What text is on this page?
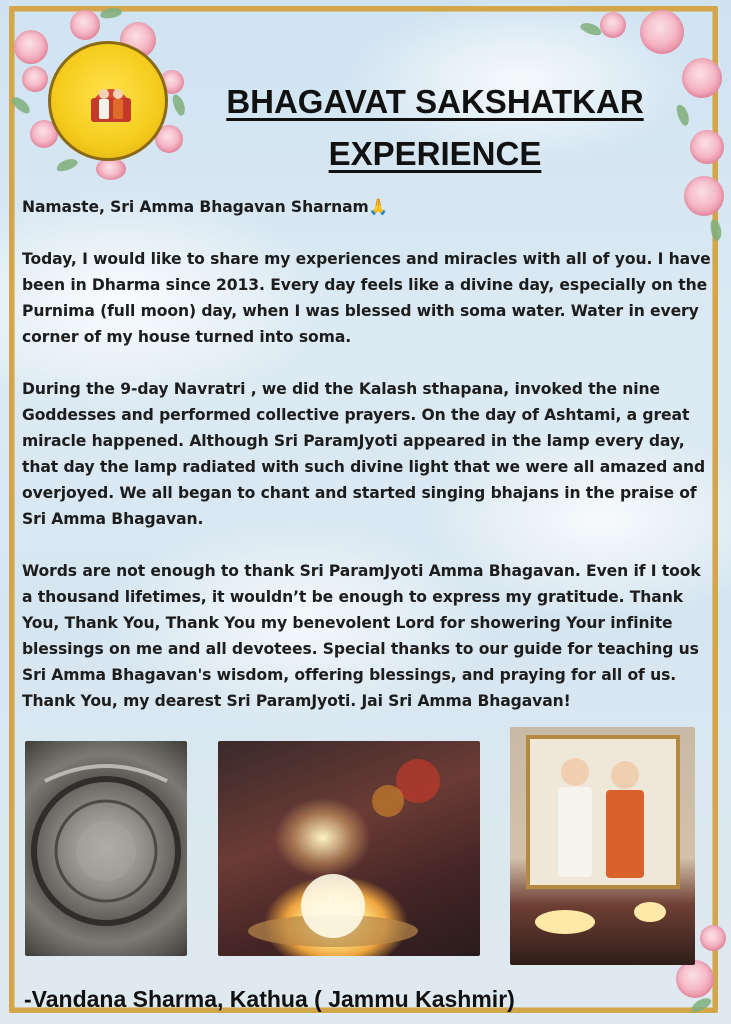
BHAGAVAT SAKSHATKAR
EXPERIENCE

Namaste, Sri Amma Bhagavan Sharnam🙏

Today, I would like to share my experiences and miracles with all of you. I have been in Dharma since 2013. Every day feels like a divine day, especially on the Purnima (full moon) day, when I was blessed with soma water. Water in every corner of my house turned into soma.

During the 9-day Navratri , we did the Kalash sthapana, invoked the nine Goddesses and performed collective prayers. On the day of Ashtami, a great miracle happened. Although Sri ParamJyoti appeared in the lamp every day, that day the lamp radiated with such divine light that we were all amazed and overjoyed. We all began to chant and started singing bhajans in the praise of Sri Amma Bhagavan.

Words are not enough to thank Sri ParamJyoti Amma Bhagavan. Even if I took a thousand lifetimes, it wouldn’t be enough to express my gratitude. Thank You, Thank You, Thank You my benevolent Lord for showering Your infinite blessings on me and all devotees. Special thanks to our guide for teaching us Sri Amma Bhagavan's wisdom, offering blessings, and praying for all of us. Thank You, my dearest Sri ParamJyoti. Jai Sri Amma Bhagavan!

-Vandana Sharma, Kathua ( Jammu Kashmir)
